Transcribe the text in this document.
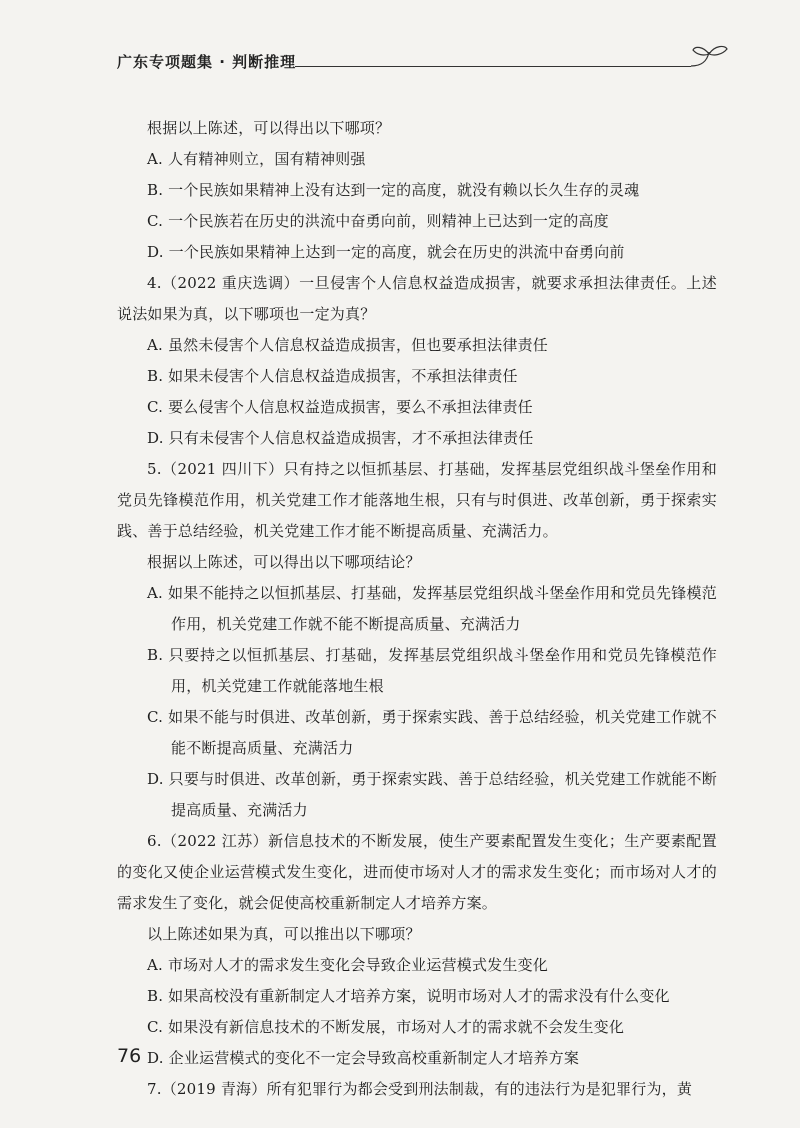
广东专项题集 · 判断推理

根据以上陈述，可以得出以下哪项？

A. 人有精神则立，国有精神则强

B. 一个民族如果精神上没有达到一定的高度，就没有赖以长久生存的灵魂

C. 一个民族若在历史的洪流中奋勇向前，则精神上已达到一定的高度

D. 一个民族如果精神上达到一定的高度，就会在历史的洪流中奋勇向前

4.（2022 重庆选调）一旦侵害个人信息权益造成损害，就要求承担法律责任。上述说法如果为真，以下哪项也一定为真？

A. 虽然未侵害个人信息权益造成损害，但也要承担法律责任

B. 如果未侵害个人信息权益造成损害，不承担法律责任

C. 要么侵害个人信息权益造成损害，要么不承担法律责任

D. 只有未侵害个人信息权益造成损害，才不承担法律责任

5.（2021 四川下）只有持之以恒抓基层、打基础，发挥基层党组织战斗堡垒作用和党员先锋模范作用，机关党建工作才能落地生根，只有与时俱进、改革创新，勇于探索实践、善于总结经验，机关党建工作才能不断提高质量、充满活力。

根据以上陈述，可以得出以下哪项结论？

A. 如果不能持之以恒抓基层、打基础，发挥基层党组织战斗堡垒作用和党员先锋模范作用，机关党建工作就不能不断提高质量、充满活力

B. 只要持之以恒抓基层、打基础，发挥基层党组织战斗堡垒作用和党员先锋模范作用，机关党建工作就能落地生根

C. 如果不能与时俱进、改革创新，勇于探索实践、善于总结经验，机关党建工作就不能不断提高质量、充满活力

D. 只要与时俱进、改革创新，勇于探索实践、善于总结经验，机关党建工作就能不断提高质量、充满活力

6.（2022 江苏）新信息技术的不断发展，使生产要素配置发生变化；生产要素配置的变化又使企业运营模式发生变化，进而使市场对人才的需求发生变化；而市场对人才的需求发生了变化，就会促使高校重新制定人才培养方案。

以上陈述如果为真，可以推出以下哪项？

A. 市场对人才的需求发生变化会导致企业运营模式发生变化

B. 如果高校没有重新制定人才培养方案，说明市场对人才的需求没有什么变化

C. 如果没有新信息技术的不断发展，市场对人才的需求就不会发生变化

D. 企业运营模式的变化不一定会导致高校重新制定人才培养方案

7.（2019 青海）所有犯罪行为都会受到刑法制裁，有的违法行为是犯罪行为，黄

76
